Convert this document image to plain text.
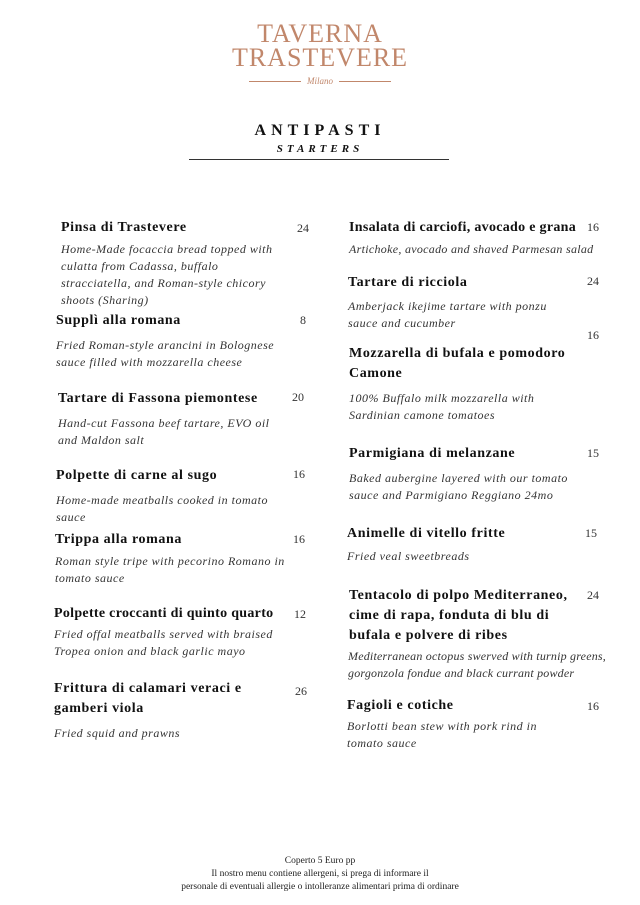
TAVERNA
TRASTEVERE
Milano
ANTIPASTI
STARTERS
Pinsa di Trastevere
Home-Made focaccia bread topped with culatta from Cadassa, buffalo stracciatella, and Roman-style chicory shoots (Sharing)
24
Supplì alla romana
Fried Roman-style arancini in Bolognese sauce filled with mozzarella cheese
8
Tartare di Fassona piemontese
Hand-cut Fassona beef tartare, EVO oil and Maldon salt
20
Polpette di carne al sugo
Home-made meatballs cooked in tomato sauce
16
Trippa alla romana
Roman style tripe with pecorino Romano in tomato sauce
16
Polpette croccanti di quinto quarto
Fried offal meatballs served with braised Tropea onion and black garlic mayo
12
Frittura di calamari veraci e gamberi viola
Fried squid and prawns
26
Insalata di carciofi, avocado e grana
Artichoke, avocado and shaved Parmesan salad
16
Tartare di ricciola
Amberjack ikejime tartare with ponzu sauce and cucumber
24
Mozzarella di bufala e pomodoro Camone
100% Buffalo milk mozzarella with Sardinian camone tomatoes
16
Parmigiana di melanzane
Baked aubergine layered with our tomato sauce and Parmigiano Reggiano 24mo
15
Animelle di vitello fritte
Fried veal sweetbreads
15
Tentacolo di polpo Mediterraneo, cime di rapa, fonduta di blu di bufala e polvere di ribes
Mediterranean octopus swerved with turnip greens, gorgonzola fondue and black currant powder
24
Fagioli e cotiche
Borlotti bean stew with pork rind in tomato sauce
16
Coperto 5 Euro pp
Il nostro menu contiene allergeni, si prega di informare il
personale di eventuali allergie o intolleranze alimentari prima di ordinare
